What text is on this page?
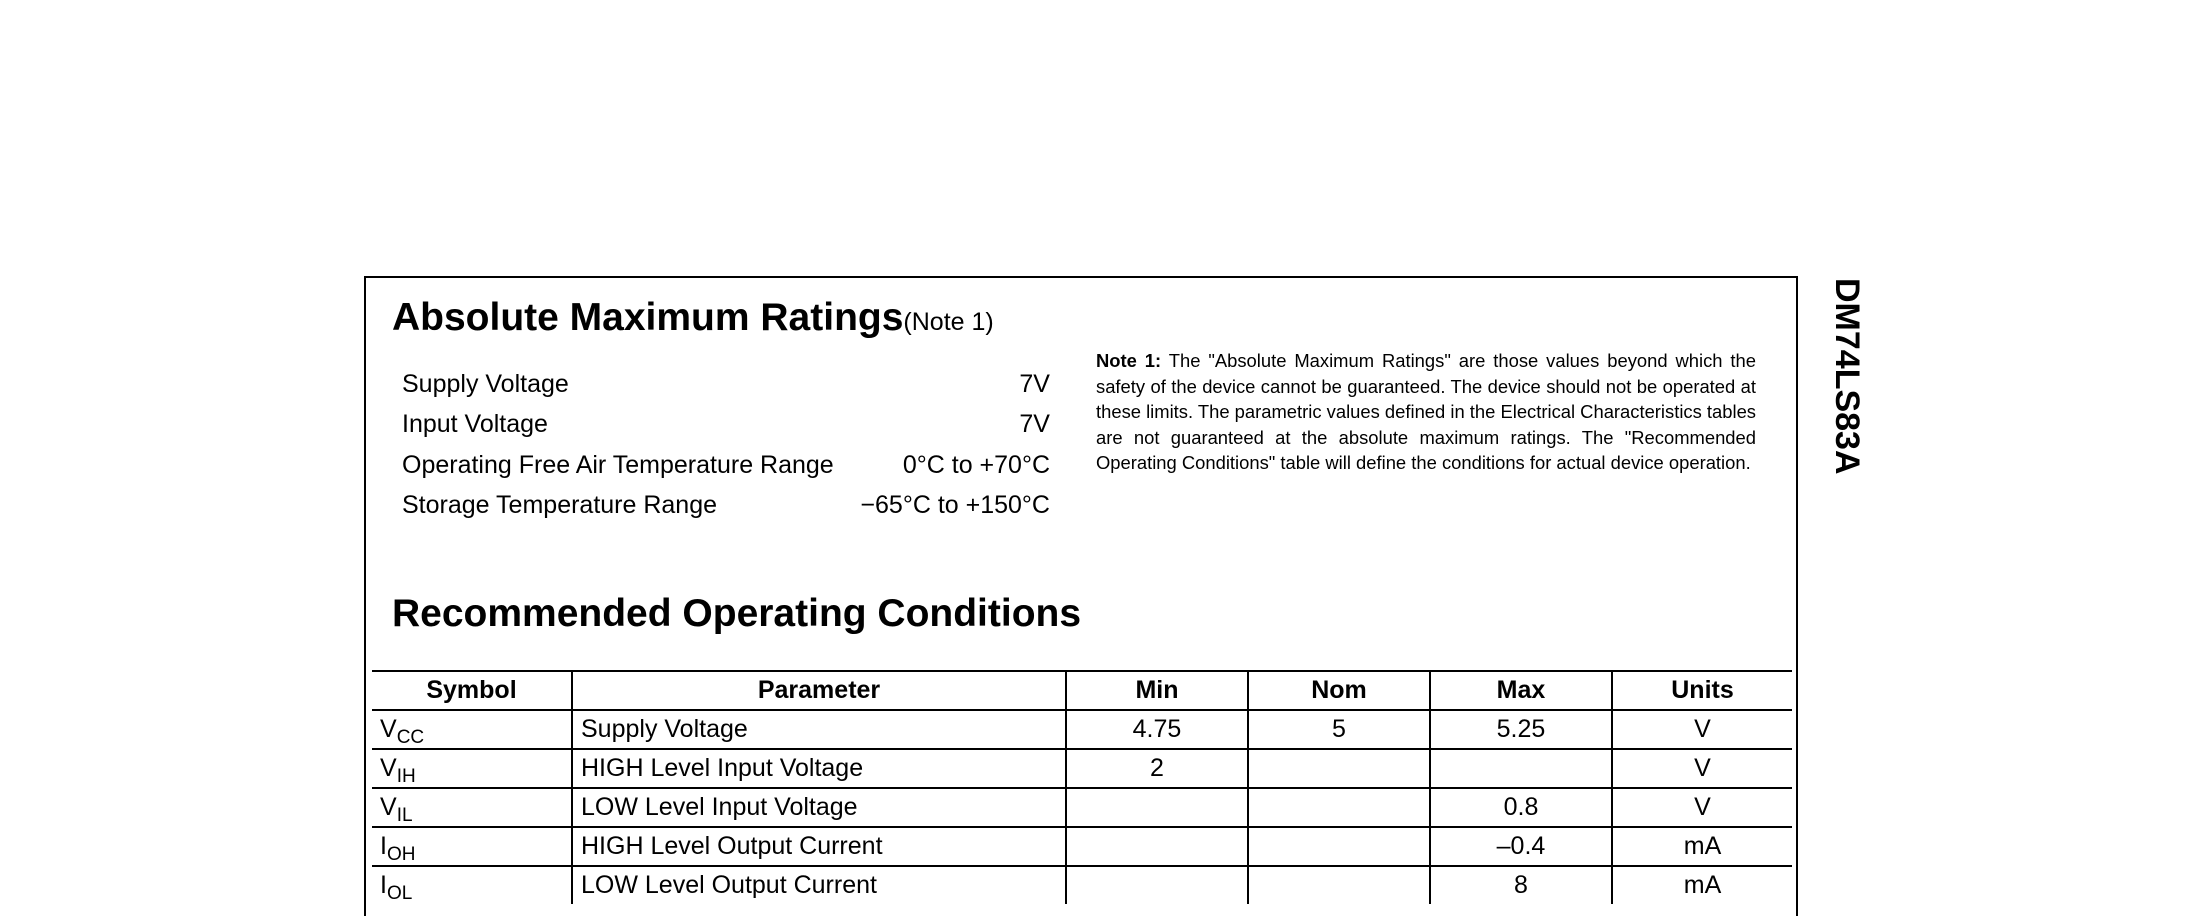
DM74LS83A
Absolute Maximum Ratings(Note 1)
Supply Voltage	7V
Input Voltage	7V
Operating Free Air Temperature Range	0°C to +70°C
Storage Temperature Range	−65°C to +150°C
Note 1: The "Absolute Maximum Ratings" are those values beyond which the safety of the device cannot be guaranteed. The device should not be operated at these limits. The parametric values defined in the Electrical Characteristics tables are not guaranteed at the absolute maximum ratings. The "Recommended Operating Conditions" table will define the conditions for actual device operation.
Recommended Operating Conditions
Symbol	Parameter	Min	Nom	Max	Units
$V_{CC}$	Supply Voltage	4.75	5	5.25	V
$V_{IH}$	HIGH Level Input Voltage	2			V
$V_{IL}$	LOW Level Input Voltage			0.8	V
$I_{OH}$	HIGH Level Output Current			–0.4	mA
$I_{OL}$	LOW Level Output Current			8	mA
